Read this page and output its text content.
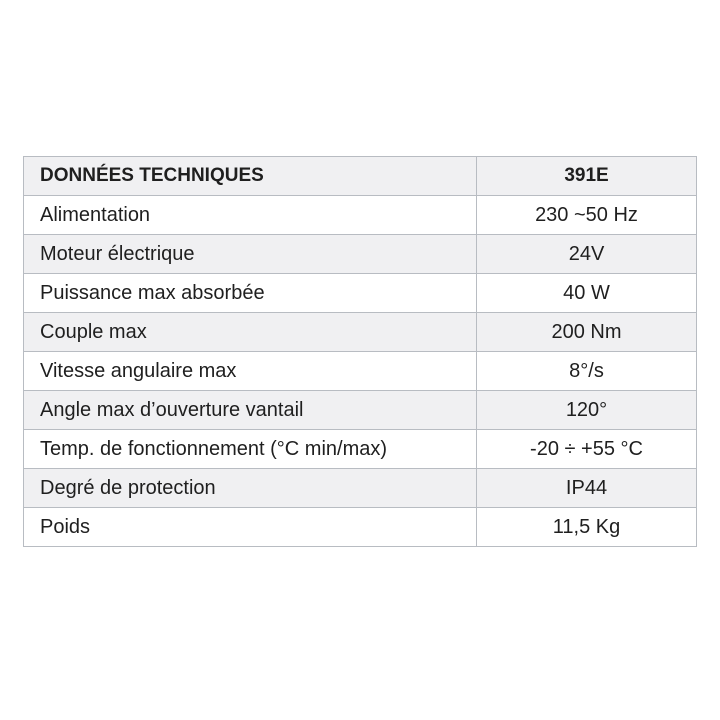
DONNÉES TECHNIQUES	391E
Alimentation	230 ~50 Hz
Moteur électrique	24V
Puissance max absorbée	40 W
Couple max	200 Nm
Vitesse angulaire max	8°/s
Angle max d’ouverture vantail	120°
Temp. de fonctionnement (°C min/max)	-20 ÷ +55 °C
Degré de protection	IP44
Poids	11,5 Kg
